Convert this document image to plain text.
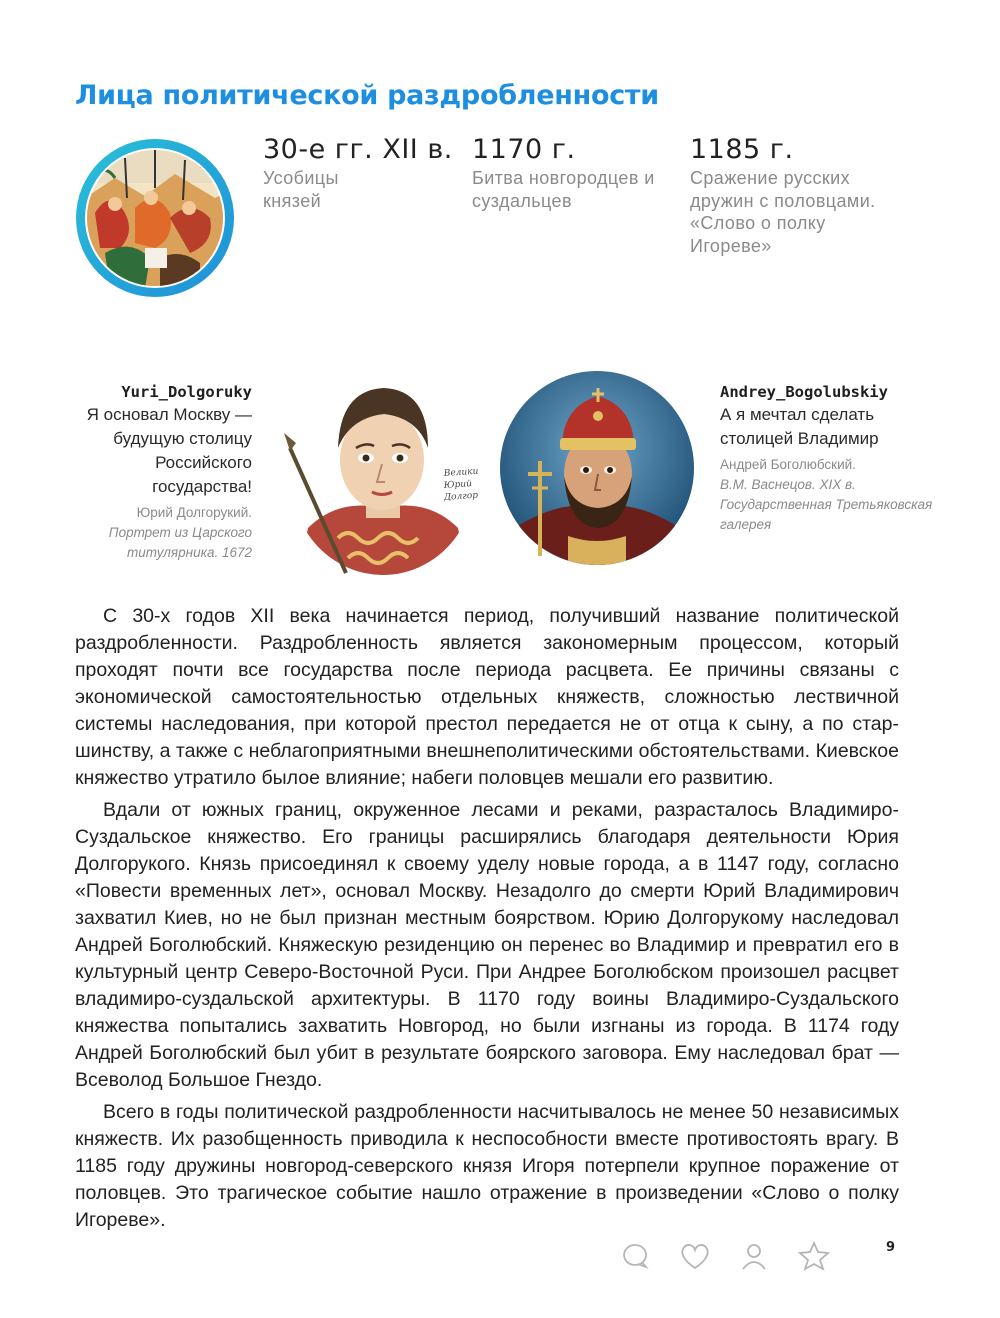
Лица политической раздробленности
30-е гг. XII в.
Усобицы князей
1170 г.
Битва новгородцев и суздальцев
1185 г.
Сражение русских дружин с половцами. «Слово о полку Игореве»
Yuri_Dolgoruky
Я основал Москву — будущую столицу Российского государства!
Юрий Долгорукий.
Портрет из Царского титулярника. 1672
Велики
Юрий
Долгор
Andrey_Bogolubskiy
А я мечтал сделать столицей Владимир
Андрей Боголюбский.
В.М. Васнецов. XIX в. Государственная Третьяковская галерея

С 30-х годов XII века начинается период, получивший название политической раздробленности. Раздробленность является закономерным процессом, который проходят почти все государства после периода расцвета. Ее причины связаны с экономической самостоятельностью отдельных княжеств, сложностью лествичной системы наследования, при которой престол передается не от отца к сыну, а по старшинству, а также с неблагоприятными внешнеполитическими обстоятельствами. Киевское княжество утратило былое влияние; набеги половцев мешали его развитию.

Вдали от южных границ, окруженное лесами и реками, разрасталось Владимиро-Суздальское княжество. Его границы расширялись благодаря деятельности Юрия Долгорукого. Князь присоединял к своему уделу новые города, а в 1147 году, согласно «Повести временных лет», основал Москву. Незадолго до смерти Юрий Владимирович захватил Киев, но не был признан местным боярством. Юрию Долгорукому наследовал Андрей Боголюбский. Княжескую резиденцию он перенес во Владимир и превратил его в культурный центр Северо-Восточной Руси. При Андрее Боголюбском произошел расцвет владимиро-суздальской архитектуры. В 1170 году воины Владимиро-Суздальского княжества попытались захватить Новгород, но были изгнаны из города. В 1174 году Андрей Боголюбский был убит в результате боярского заговора. Ему наследовал брат — Всеволод Большое Гнездо.

Всего в годы политической раздробленности насчитывалось не менее 50 независимых княжеств. Их разобщенность приводила к неспособности вместе противостоять врагу. В 1185 году дружины новгород-северского князя Игоря потерпели крупное поражение от половцев. Это трагическое событие нашло отражение в произведении «Слово о полку Игореве».

9
